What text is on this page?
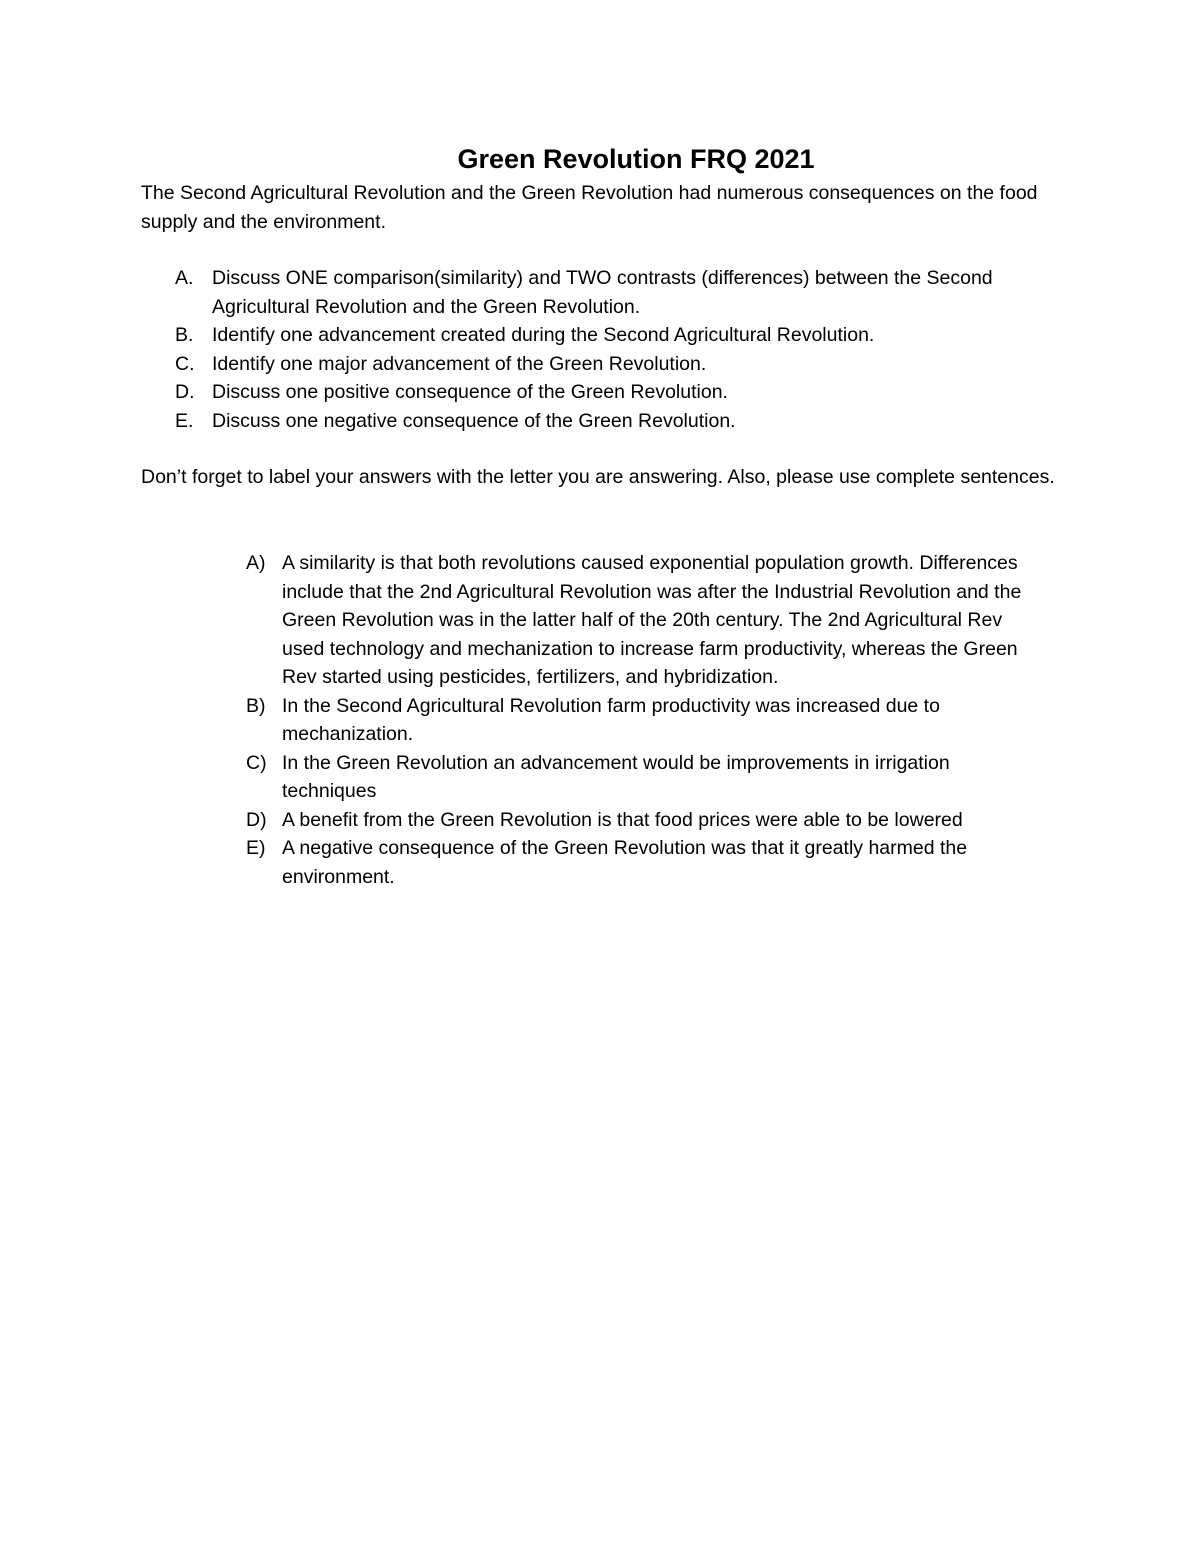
Green Revolution FRQ 2021

The Second Agricultural Revolution and the Green Revolution had numerous consequences on the food supply and the environment.

A. Discuss ONE comparison(similarity) and TWO contrasts (differences) between the Second Agricultural Revolution and the Green Revolution.
B. Identify one advancement created during the Second Agricultural Revolution.
C. Identify one major advancement of the Green Revolution.
D. Discuss one positive consequence of the Green Revolution.
E. Discuss one negative consequence of the Green Revolution.

Don’t forget to label your answers with the letter you are answering. Also, please use complete sentences.

A) A similarity is that both revolutions caused exponential population growth. Differences include that the 2nd Agricultural Revolution was after the Industrial Revolution and the Green Revolution was in the latter half of the 20th century. The 2nd Agricultural Rev used technology and mechanization to increase farm productivity, whereas the Green Rev started using pesticides, fertilizers, and hybridization.
B) In the Second Agricultural Revolution farm productivity was increased due to mechanization.
C) In the Green Revolution an advancement would be improvements in irrigation techniques
D) A benefit from the Green Revolution is that food prices were able to be lowered
E) A negative consequence of the Green Revolution was that it greatly harmed the environment.
